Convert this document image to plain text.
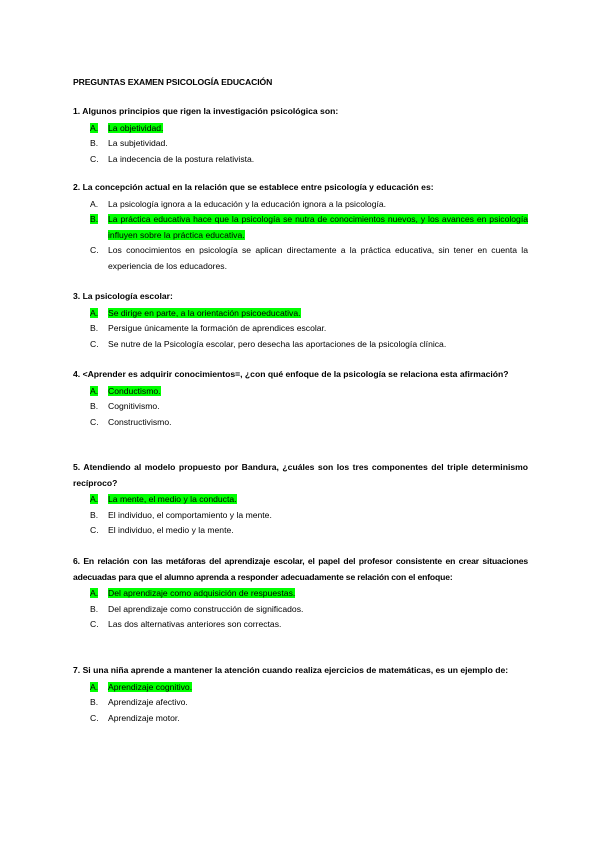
PREGUNTAS EXAMEN PSICOLOGÍA EDUCACIÓN
1. Algunos principios que rigen la investigación psicológica son:
A.	La objetividad.
B.	La subjetividad.
C.	La indecencia de la postura relativista.
2. La concepción actual en la relación que se establece entre psicología y educación es:
A.	La psicología ignora a la educación y la educación ignora a la psicología.
B.	La práctica educativa hace que la psicología se nutra de conocimientos nuevos, y los avances en psicología influyen sobre la práctica educativa.
C.	Los conocimientos en psicología se aplican directamente a la práctica educativa, sin tener en cuenta la experiencia de los educadores.
3. La psicología escolar:
A.	Se dirige en parte, a la orientación psicoeducativa.
B.	Persigue únicamente la formación de aprendices escolar.
C.	Se nutre de la Psicología escolar, pero desecha las aportaciones de la psicología clínica.
4. <Aprender es adquirir conocimientos=, ¿con qué enfoque de la psicología se relaciona esta afirmación?
A.	Conductismo.
B.	Cognitivismo.
C.	Constructivismo.
5. Atendiendo al modelo propuesto por Bandura, ¿cuáles son los tres componentes del triple determinismo recíproco?
A.	La mente, el medio y la conducta.
B.	El individuo, el comportamiento y la mente.
C.	El individuo, el medio y la mente.
6. En relación con las metáforas del aprendizaje escolar, el papel del profesor consistente en crear situaciones adecuadas para que el alumno aprenda a responder adecuadamente se relación con el enfoque:
A.	Del aprendizaje como adquisición de respuestas.
B.	Del aprendizaje como construcción de significados.
C.	Las dos alternativas anteriores son correctas.
7. Si una niña aprende a mantener la atención cuando realiza ejercicios de matemáticas, es un ejemplo de:
A.	Aprendizaje cognitivo.
B.	Aprendizaje afectivo.
C.	Aprendizaje motor.
